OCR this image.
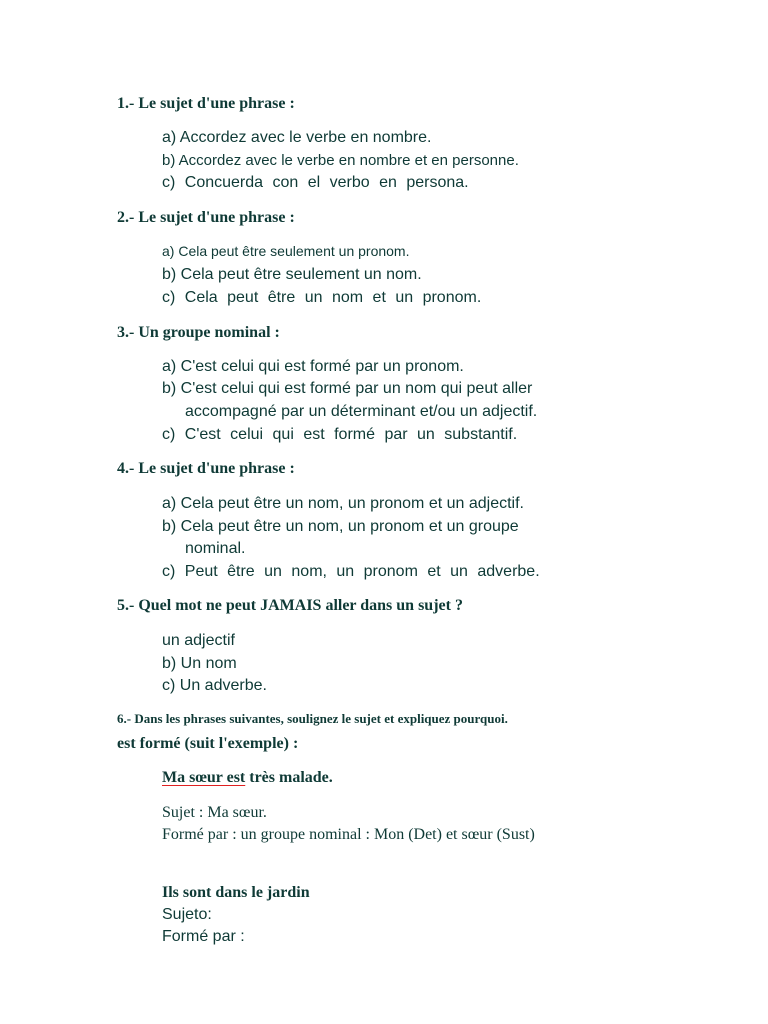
1.- Le sujet d'une phrase :
a) Accordez avec le verbe en nombre.
b) Accordez avec le verbe en nombre et en personne.
c) Concuerda con el verbo en persona.
2.- Le sujet d'une phrase :
a) Cela peut être seulement un pronom.
b) Cela peut être seulement un nom.
c) Cela peut être un nom et un pronom.
3.- Un groupe nominal :
a) C'est celui qui est formé par un pronom.
b) C'est celui qui est formé par un nom qui peut aller
accompagné par un déterminant et/ou un adjectif.
c) C'est celui qui est formé par un substantif.
4.- Le sujet d'une phrase :
a) Cela peut être un nom, un pronom et un adjectif.
b) Cela peut être un nom, un pronom et un groupe
nominal.
c) Peut être un nom, un pronom et un adverbe.
5.- Quel mot ne peut JAMAIS aller dans un sujet ?
un adjectif
b) Un nom
c) Un adverbe.
6.- Dans les phrases suivantes, soulignez le sujet et expliquez pourquoi.
est formé (suit l'exemple) :
Ma sœur est très malade.
Sujet : Ma sœur.
Formé par : un groupe nominal : Mon (Det) et sœur (Sust)
Ils sont dans le jardin
Sujeto:
Formé par :
